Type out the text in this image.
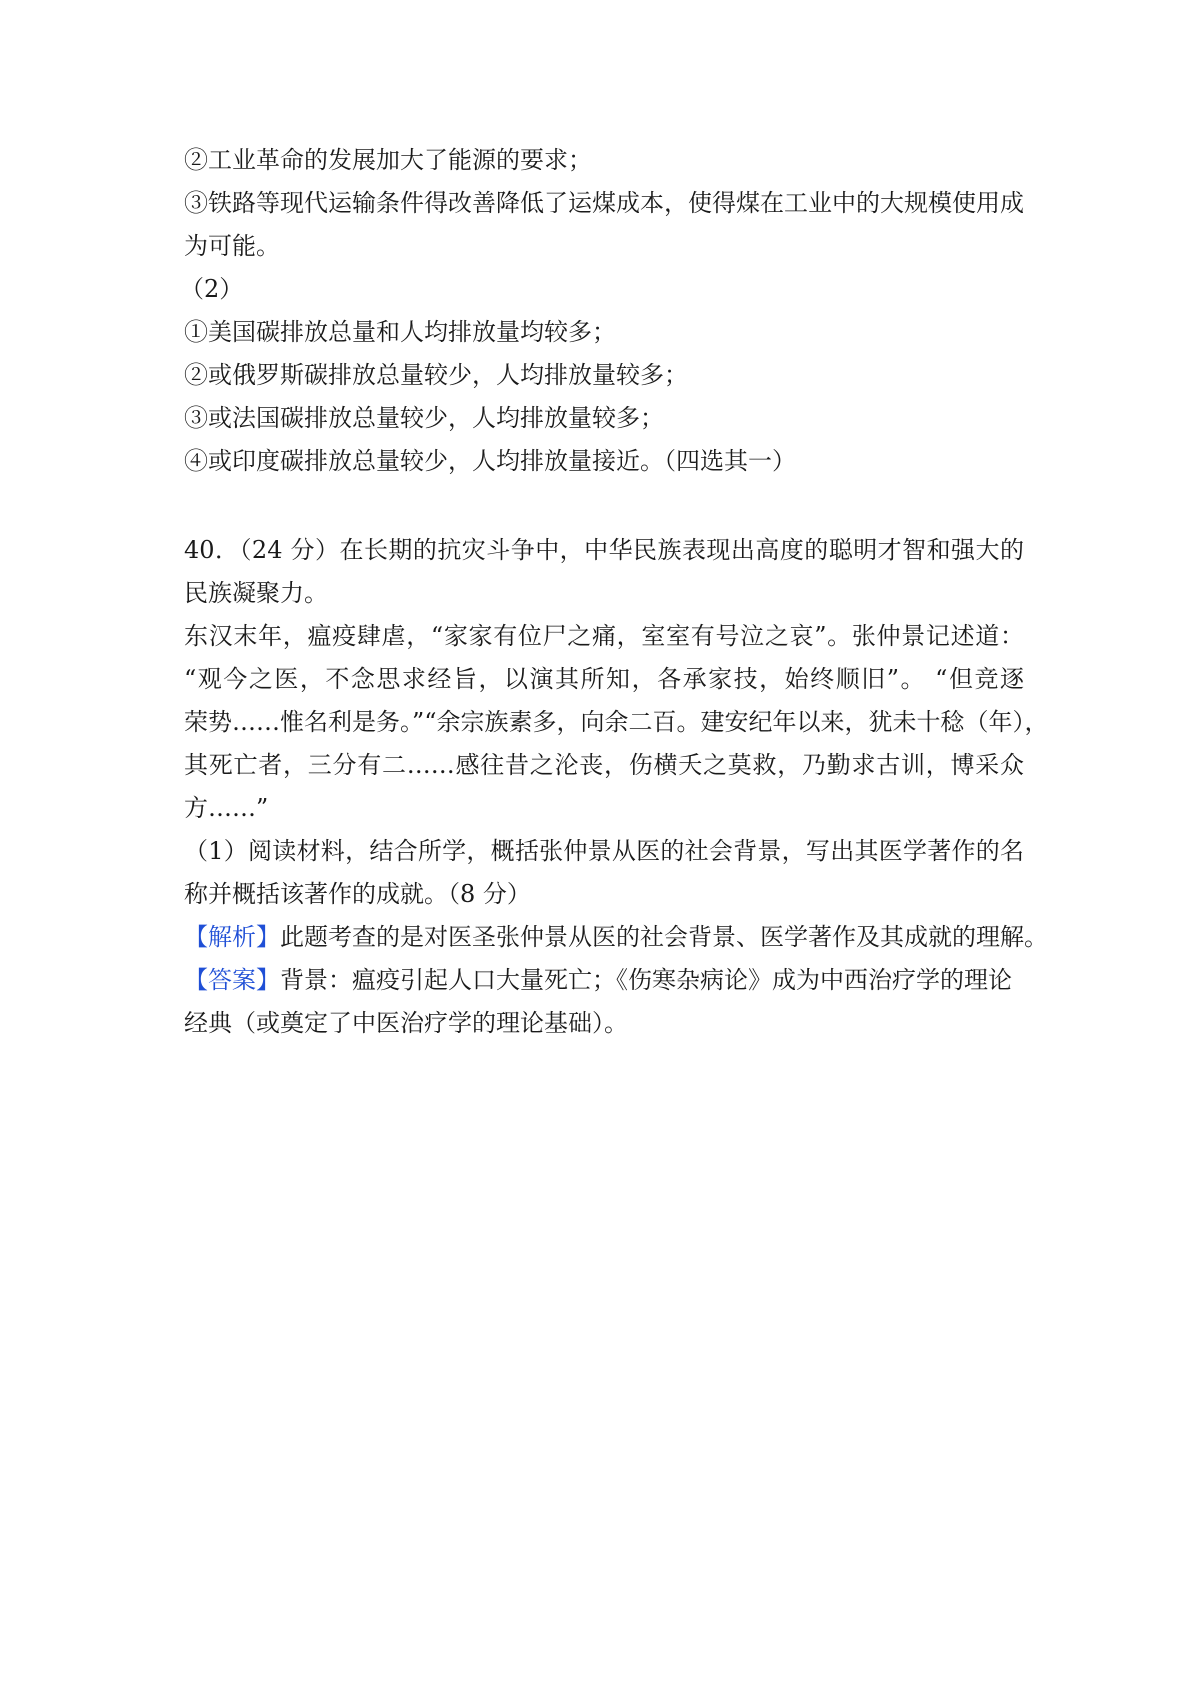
②工业革命的发展加大了能源的要求；
③铁路等现代运输条件得改善降低了运煤成本，使得煤在工业中的大规模使用成
为可能。
（2）
①美国碳排放总量和人均排放量均较多；
②或俄罗斯碳排放总量较少，人均排放量较多；
③或法国碳排放总量较少，人均排放量较多；
④或印度碳排放总量较少，人均排放量接近。（四选其一）
40．（24 分）在长期的抗灾斗争中，中华民族表现出高度的聪明才智和强大的
民族凝聚力。
东汉末年，瘟疫肆虐，“家家有位尸之痛，室室有号泣之哀”。张仲景记述道：
“观今之医，不念思求经旨，以演其所知，各承家技，始终顺旧”。 “但竞逐
荣势……惟名利是务。”“余宗族素多，向余二百。建安纪年以来，犹未十稔（年），
其死亡者，三分有二……感往昔之沦丧，伤横夭之莫救，乃勤求古训，博采众
方……”
（1）阅读材料，结合所学，概括张仲景从医的社会背景，写出其医学著作的名
称并概括该著作的成就。（8 分）
【解析】此题考查的是对医圣张仲景从医的社会背景、医学著作及其成就的理解。
【答案】背景：瘟疫引起人口大量死亡；《伤寒杂病论》成为中西治疗学的理论
经典（或奠定了中医治疗学的理论基础）。
